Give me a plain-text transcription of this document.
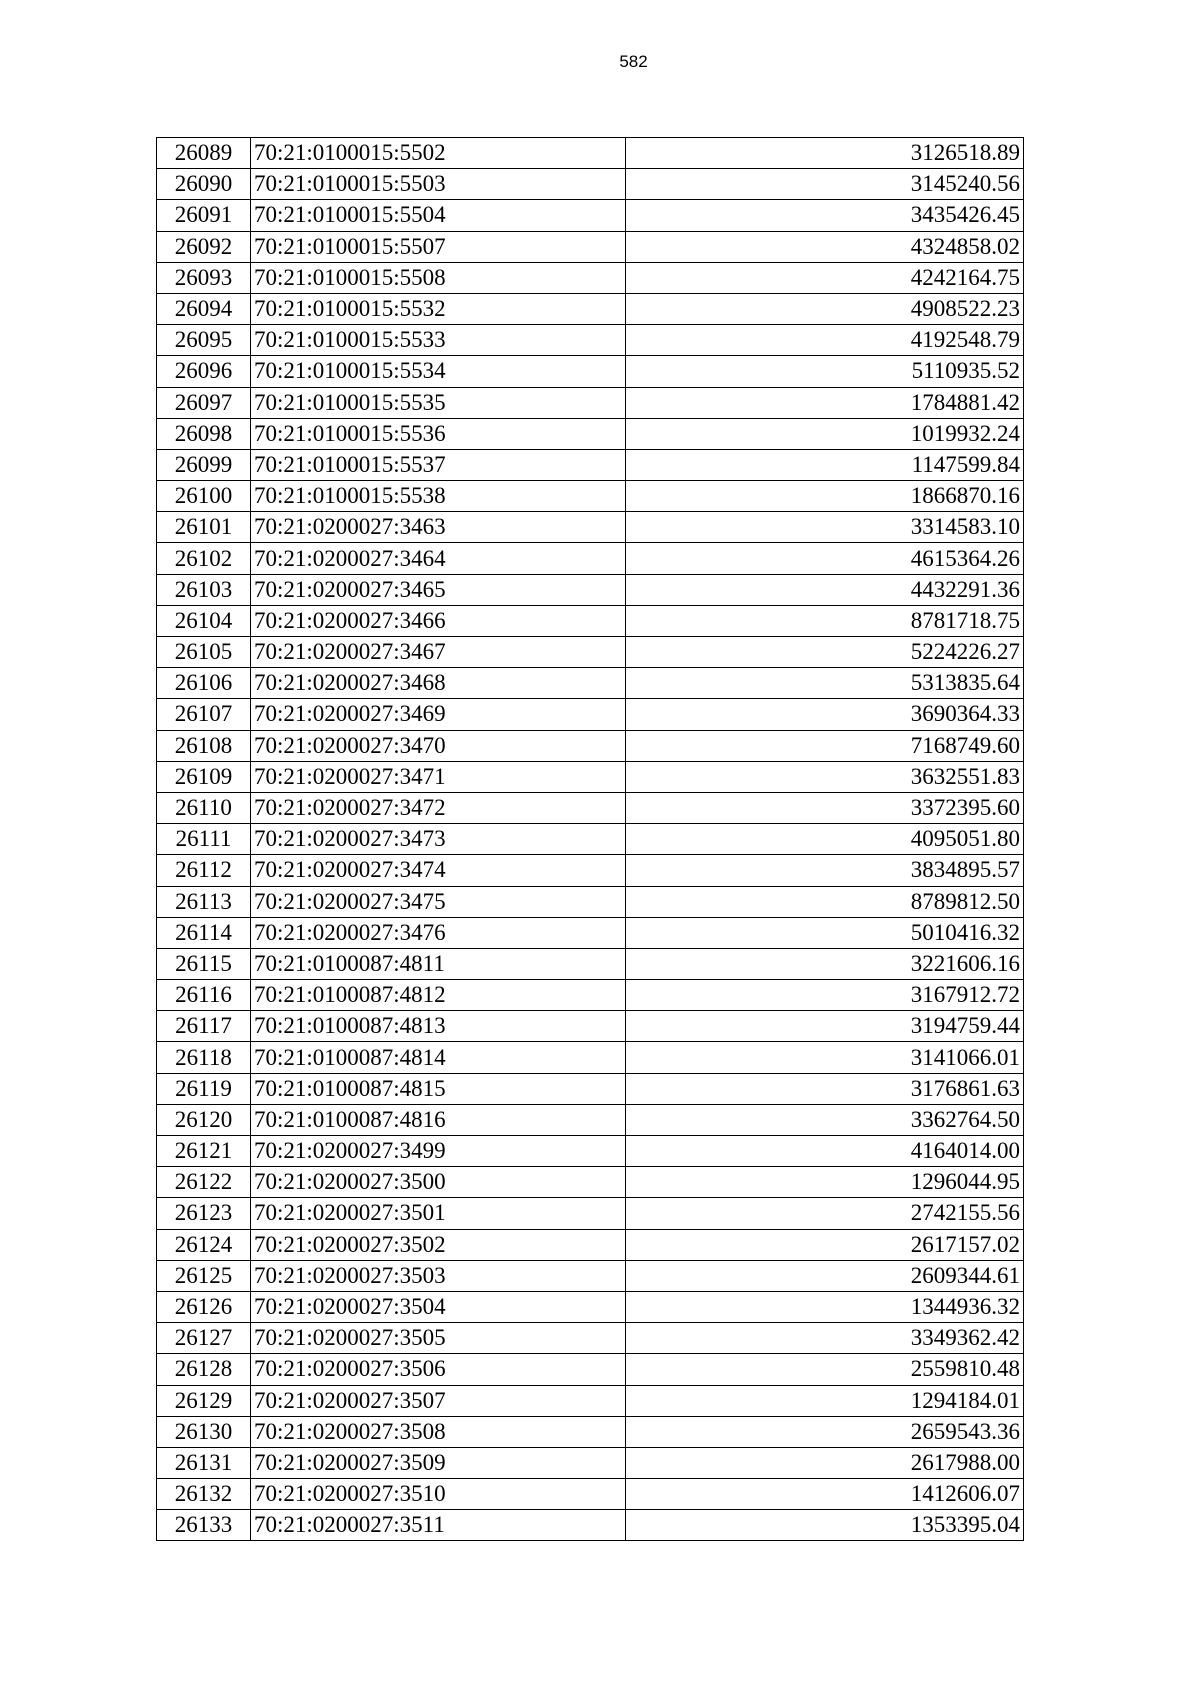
582
26089	70:21:0100015:5502	3126518.89
26090	70:21:0100015:5503	3145240.56
26091	70:21:0100015:5504	3435426.45
26092	70:21:0100015:5507	4324858.02
26093	70:21:0100015:5508	4242164.75
26094	70:21:0100015:5532	4908522.23
26095	70:21:0100015:5533	4192548.79
26096	70:21:0100015:5534	5110935.52
26097	70:21:0100015:5535	1784881.42
26098	70:21:0100015:5536	1019932.24
26099	70:21:0100015:5537	1147599.84
26100	70:21:0100015:5538	1866870.16
26101	70:21:0200027:3463	3314583.10
26102	70:21:0200027:3464	4615364.26
26103	70:21:0200027:3465	4432291.36
26104	70:21:0200027:3466	8781718.75
26105	70:21:0200027:3467	5224226.27
26106	70:21:0200027:3468	5313835.64
26107	70:21:0200027:3469	3690364.33
26108	70:21:0200027:3470	7168749.60
26109	70:21:0200027:3471	3632551.83
26110	70:21:0200027:3472	3372395.60
26111	70:21:0200027:3473	4095051.80
26112	70:21:0200027:3474	3834895.57
26113	70:21:0200027:3475	8789812.50
26114	70:21:0200027:3476	5010416.32
26115	70:21:0100087:4811	3221606.16
26116	70:21:0100087:4812	3167912.72
26117	70:21:0100087:4813	3194759.44
26118	70:21:0100087:4814	3141066.01
26119	70:21:0100087:4815	3176861.63
26120	70:21:0100087:4816	3362764.50
26121	70:21:0200027:3499	4164014.00
26122	70:21:0200027:3500	1296044.95
26123	70:21:0200027:3501	2742155.56
26124	70:21:0200027:3502	2617157.02
26125	70:21:0200027:3503	2609344.61
26126	70:21:0200027:3504	1344936.32
26127	70:21:0200027:3505	3349362.42
26128	70:21:0200027:3506	2559810.48
26129	70:21:0200027:3507	1294184.01
26130	70:21:0200027:3508	2659543.36
26131	70:21:0200027:3509	2617988.00
26132	70:21:0200027:3510	1412606.07
26133	70:21:0200027:3511	1353395.04
